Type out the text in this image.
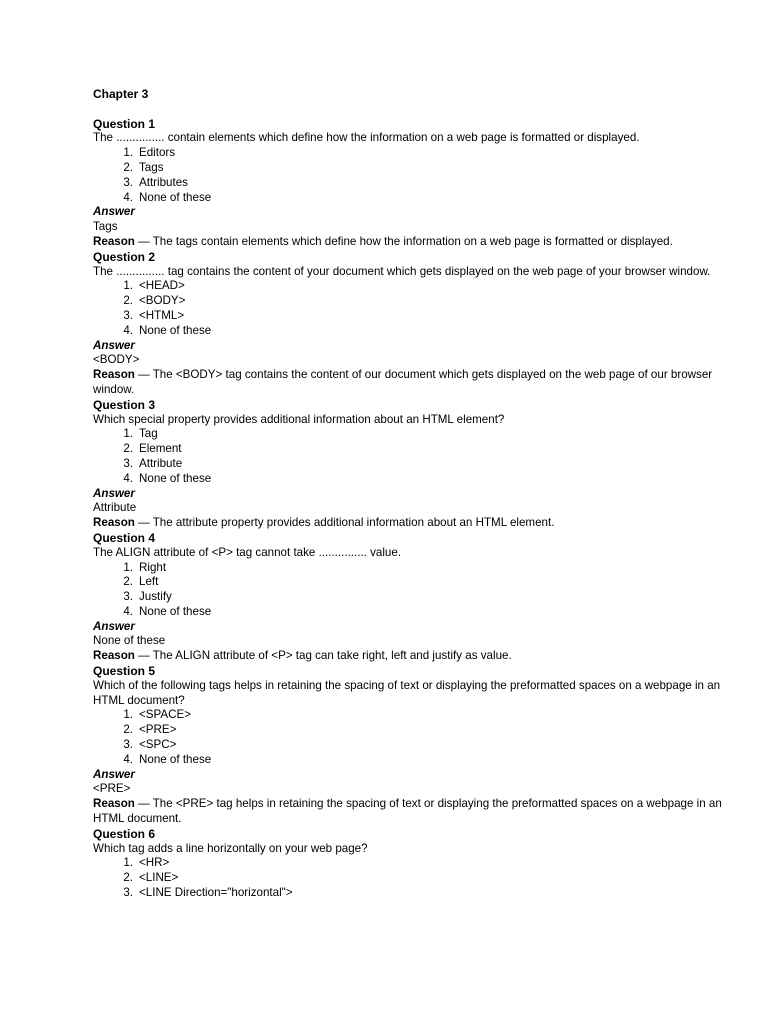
Chapter 3
Question 1
The ............... contain elements which define how the information on a web page is formatted or displayed.
1. Editors
2. Tags
3. Attributes
4. None of these
Answer
Tags
Reason — The tags contain elements which define how the information on a web page is formatted or displayed.
Question 2
The ............... tag contains the content of your document which gets displayed on the web page of your browser window.
1. <HEAD>
2. <BODY>
3. <HTML>
4. None of these
Answer
<BODY>
Reason — The <BODY> tag contains the content of our document which gets displayed on the web page of our browser window.
Question 3
Which special property provides additional information about an HTML element?
1. Tag
2. Element
3. Attribute
4. None of these
Answer
Attribute
Reason — The attribute property provides additional information about an HTML element.
Question 4
The ALIGN attribute of <P> tag cannot take ............... value.
1. Right
2. Left
3. Justify
4. None of these
Answer
None of these
Reason — The ALIGN attribute of <P> tag can take right, left and justify as value.
Question 5
Which of the following tags helps in retaining the spacing of text or displaying the preformatted spaces on a webpage in an HTML document?
1. <SPACE>
2. <PRE>
3. <SPC>
4. None of these
Answer
<PRE>
Reason — The <PRE> tag helps in retaining the spacing of text or displaying the preformatted spaces on a webpage in an HTML document.
Question 6
Which tag adds a line horizontally on your web page?
1. <HR>
2. <LINE>
3. <LINE Direction="horizontal">
